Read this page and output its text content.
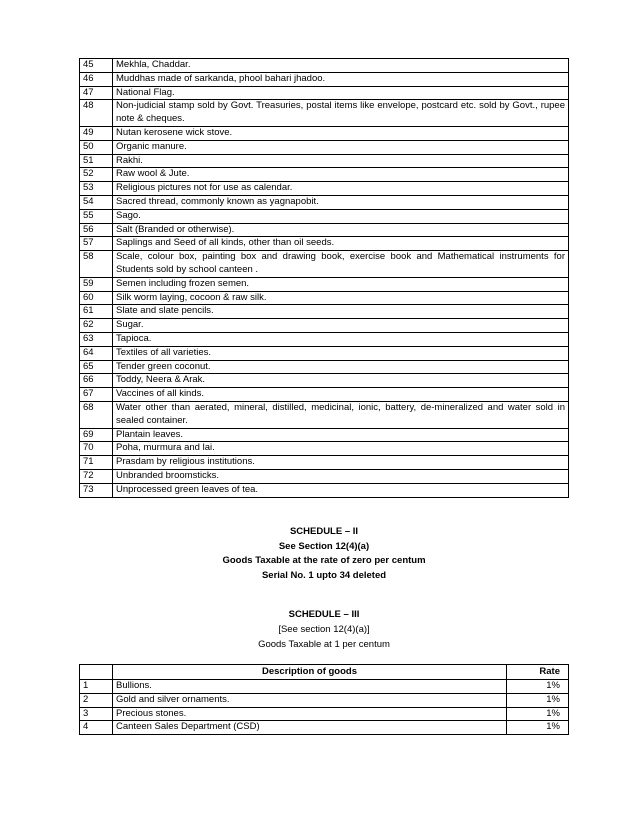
45	Mekhla, Chaddar.
46	Muddhas made of sarkanda, phool bahari jhadoo.
47	National Flag.
48	Non-judicial stamp sold by Govt. Treasuries, postal items like envelope, postcard etc. sold by Govt., rupee note & cheques.
49	Nutan kerosene wick stove.
50	Organic manure.
51	Rakhi.
52	Raw wool & Jute.
53	Religious pictures not for use as calendar.
54	Sacred thread, commonly known as yagnapobit.
55	Sago.
56	Salt (Branded or otherwise).
57	Saplings and Seed of all kinds, other than oil seeds.
58	Scale, colour box, painting box and drawing book, exercise book and Mathematical instruments for Students sold by school canteen .
59	Semen including frozen semen.
60	Silk worm laying, cocoon & raw silk.
61	Slate and slate pencils.
62	Sugar.
63	Tapioca.
64	Textiles of all varieties.
65	Tender green coconut.
66	Toddy, Neera & Arak.
67	Vaccines of all kinds.
68	Water other than aerated, mineral, distilled, medicinal, ionic, battery, de-mineralized and water sold in sealed container.
69	Plantain leaves.
70	Poha, murmura and lai.
71	Prasdam by religious institutions.
72	Unbranded broomsticks.
73	Unprocessed green leaves of tea.
SCHEDULE – II
See Section 12(4)(a)
Goods Taxable at the rate of zero per centum
Serial No. 1 upto 34 deleted
SCHEDULE – III
[See section 12(4)(a)]
Goods Taxable at 1 per centum
	Description of goods	Rate
1	Bullions.	1%
2	Gold and silver ornaments.	1%
3	Precious stones.	1%
4	Canteen Sales Department (CSD)	1%
